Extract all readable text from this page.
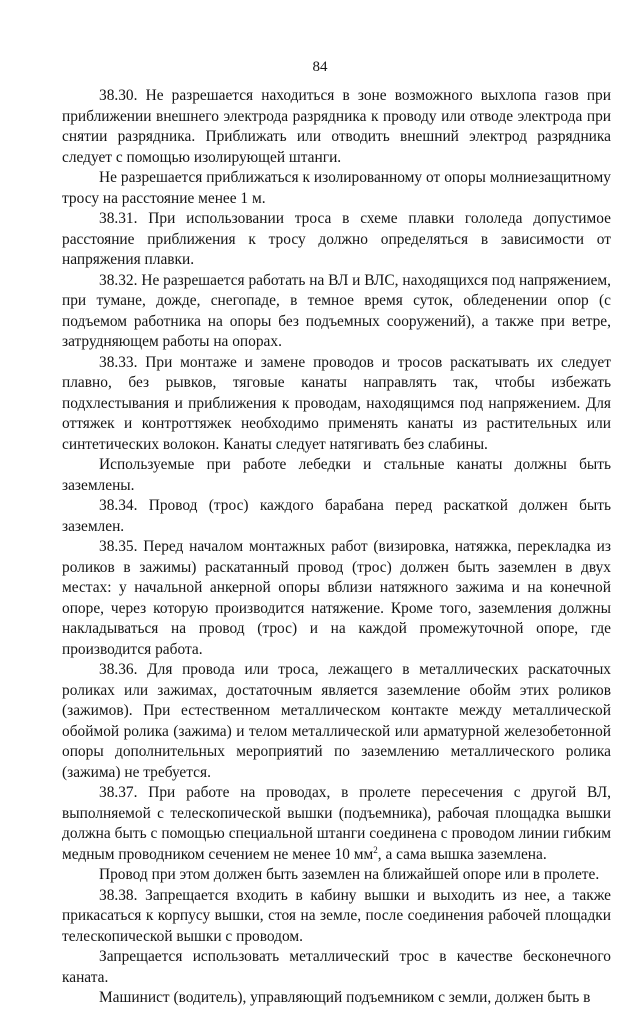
84

38.30. Не разрешается находиться в зоне возможного выхлопа газов при приближении внешнего электрода разрядника к проводу или отводе электрода при снятии разрядника. Приближать или отводить внешний электрод разрядника следует с помощью изолирующей штанги.

Не разрешается приближаться к изолированному от опоры молниезащитному тросу на расстояние менее 1 м.

38.31. При использовании троса в схеме плавки гололеда допустимое расстояние приближения к тросу должно определяться в зависимости от напряжения плавки.

38.32. Не разрешается работать на ВЛ и ВЛС, находящихся под напряжением, при тумане, дожде, снегопаде, в темное время суток, обледенении опор (с подъемом работника на опоры без подъемных сооружений), а также при ветре, затрудняющем работы на опорах.

38.33. При монтаже и замене проводов и тросов раскатывать их следует плавно, без рывков, тяговые канаты направлять так, чтобы избежать подхлестывания и приближения к проводам, находящимся под напряжением. Для оттяжек и контроттяжек необходимо применять канаты из растительных или синтетических волокон. Канаты следует натягивать без слабины.

Используемые при работе лебедки и стальные канаты должны быть заземлены.

38.34. Провод (трос) каждого барабана перед раскаткой должен быть заземлен.

38.35. Перед началом монтажных работ (визировка, натяжка, перекладка из роликов в зажимы) раскатанный провод (трос) должен быть заземлен в двух местах: у начальной анкерной опоры вблизи натяжного зажима и на конечной опоре, через которую производится натяжение. Кроме того, заземления должны накладываться на провод (трос) и на каждой промежуточной опоре, где производится работа.

38.36. Для провода или троса, лежащего в металлических раскаточных роликах или зажимах, достаточным является заземление обойм этих роликов (зажимов). При естественном металлическом контакте между металлической обоймой ролика (зажима) и телом металлической или арматурной железобетонной опоры дополнительных мероприятий по заземлению металлического ролика (зажима) не требуется.

38.37. При работе на проводах, в пролете пересечения с другой ВЛ, выполняемой с телескопической вышки (подъемника), рабочая площадка вышки должна быть с помощью специальной штанги соединена с проводом линии гибким медным проводником сечением не менее 10 $мм^2$, а сама вышка заземлена.

Провод при этом должен быть заземлен на ближайшей опоре или в пролете.

38.38. Запрещается входить в кабину вышки и выходить из нее, а также прикасаться к корпусу вышки, стоя на земле, после соединения рабочей площадки телескопической вышки с проводом.

Запрещается использовать металлический трос в качестве бесконечного каната.

Машинист (водитель), управляющий подъемником с земли, должен быть в
